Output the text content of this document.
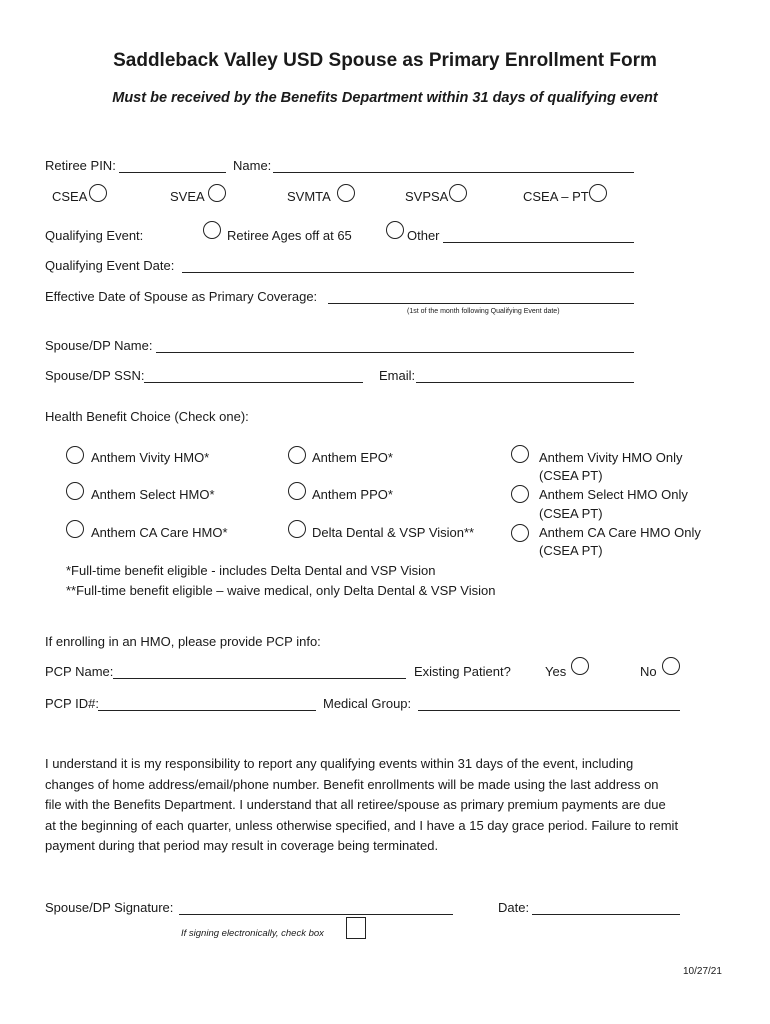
Saddleback Valley USD Spouse as Primary Enrollment Form
Must be received by the Benefits Department within 31 days of qualifying event
Retiree PIN:	Name:
CSEA	SVEA	SVMTA	SVPSA	CSEA – PT
Qualifying Event:	Retiree Ages off at 65	Other
Qualifying Event Date:
Effective Date of Spouse as Primary Coverage:
(1st of the month following Qualifying Event date)
Spouse/DP Name:
Spouse/DP SSN:	Email:
Health Benefit Choice (Check one):
Anthem Vivity HMO*
Anthem Select HMO*
Anthem CA Care HMO*
Anthem EPO*
Anthem PPO*
Delta Dental & VSP Vision**
Anthem Vivity HMO Only
(CSEA PT)
Anthem Select HMO Only
(CSEA PT)
Anthem CA Care HMO Only
(CSEA PT)
*Full-time benefit eligible - includes Delta Dental and VSP Vision
**Full-time benefit eligible – waive medical, only Delta Dental & VSP Vision
If enrolling in an HMO, please provide PCP info:
PCP Name:	Existing Patient?	Yes	No
PCP ID#:	Medical Group:
I understand it is my responsibility to report any qualifying events within 31 days of the event, including
changes of home address/email/phone number. Benefit enrollments will be made using the last address on
file with the Benefits Department. I understand that all retiree/spouse as primary premium payments are due
at the beginning of each quarter, unless otherwise specified, and I have a 15 day grace period. Failure to remit
payment during that period may result in coverage being terminated.
Spouse/DP Signature:	Date:
If signing electronically, check box
10/27/21
